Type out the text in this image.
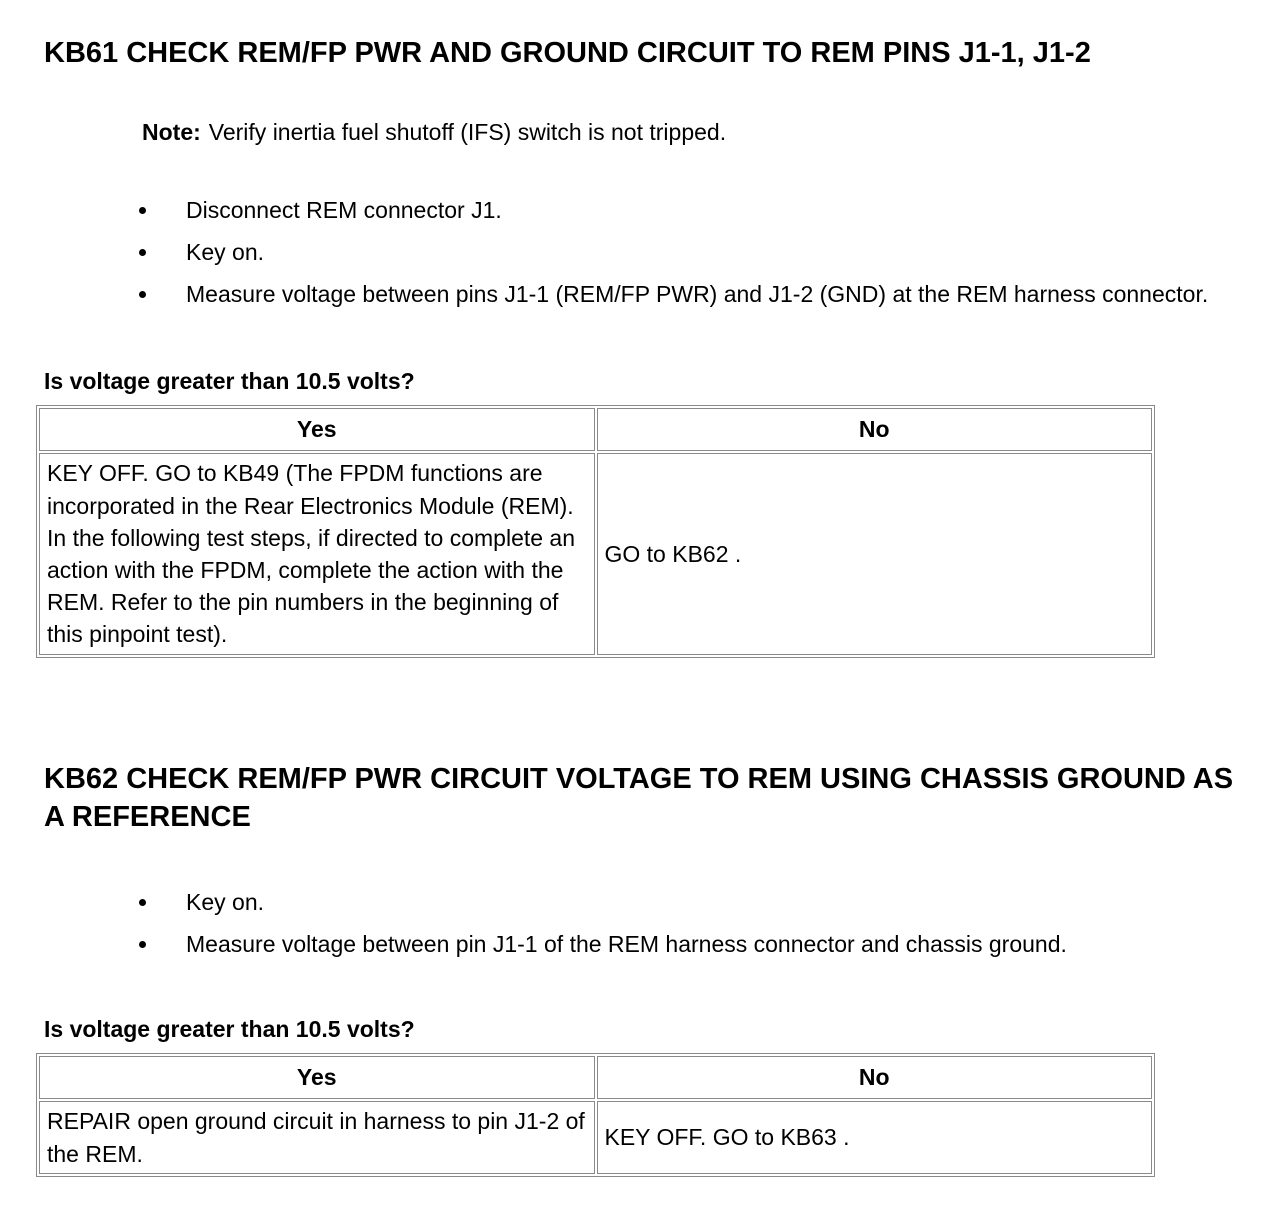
KB61 CHECK REM/FP PWR AND GROUND CIRCUIT TO REM PINS J1-1, J1-2
Note: Verify inertia fuel shutoff (IFS) switch is not tripped.
• Disconnect REM connector J1.
• Key on.
• Measure voltage between pins J1-1 (REM/FP PWR) and J1-2 (GND) at the REM harness connector.
Is voltage greater than 10.5 volts?
Yes	No
KEY OFF. GO to KB49 (The FPDM functions are incorporated in the Rear Electronics Module (REM). In the following test steps, if directed to complete an action with the FPDM, complete the action with the REM. Refer to the pin numbers in the beginning of this pinpoint test).	GO to KB62 .
KB62 CHECK REM/FP PWR CIRCUIT VOLTAGE TO REM USING CHASSIS GROUND AS A REFERENCE
• Key on.
• Measure voltage between pin J1-1 of the REM harness connector and chassis ground.
Is voltage greater than 10.5 volts?
Yes	No
REPAIR open ground circuit in harness to pin J1-2 of the REM.	KEY OFF. GO to KB63 .
